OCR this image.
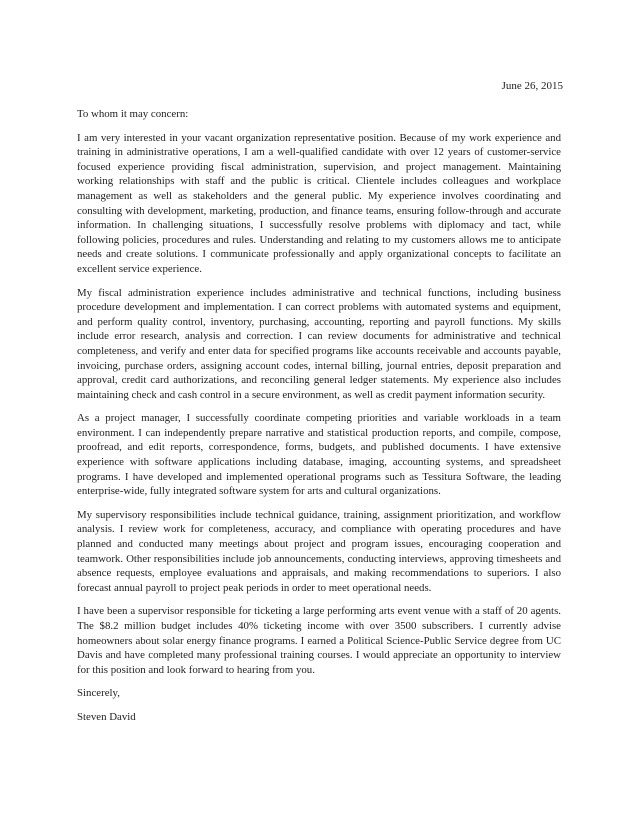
June 26, 2015

To whom it may concern:

I am very interested in your vacant organization representative position. Because of my work experience and training in administrative operations, I am a well-qualified candidate with over 12 years of customer-service focused experience providing fiscal administration, supervision, and project management. Maintaining working relationships with staff and the public is critical. Clientele includes colleagues and workplace management as well as stakeholders and the general public. My experience involves coordinating and consulting with development, marketing, production, and finance teams, ensuring follow-through and accurate information. In challenging situations, I successfully resolve problems with diplomacy and tact, while following policies, procedures and rules. Understanding and relating to my customers allows me to anticipate needs and create solutions. I communicate professionally and apply organizational concepts to facilitate an excellent service experience.

My fiscal administration experience includes administrative and technical functions, including business procedure development and implementation. I can correct problems with automated systems and equipment, and perform quality control, inventory, purchasing, accounting, reporting and payroll functions. My skills include error research, analysis and correction. I can review documents for administrative and technical completeness, and verify and enter data for specified programs like accounts receivable and accounts payable, invoicing, purchase orders, assigning account codes, internal billing, journal entries, deposit preparation and approval, credit card authorizations, and reconciling general ledger statements. My experience also includes maintaining check and cash control in a secure environment, as well as credit payment information security.

As a project manager, I successfully coordinate competing priorities and variable workloads in a team environment. I can independently prepare narrative and statistical production reports, and compile, compose, proofread, and edit reports, correspondence, forms, budgets, and published documents. I have extensive experience with software applications including database, imaging, accounting systems, and spreadsheet programs. I have developed and implemented operational programs such as Tessitura Software, the leading enterprise-wide, fully integrated software system for arts and cultural organizations.

My supervisory responsibilities include technical guidance, training, assignment prioritization, and workflow analysis. I review work for completeness, accuracy, and compliance with operating procedures and have planned and conducted many meetings about project and program issues, encouraging cooperation and teamwork. Other responsibilities include job announcements, conducting interviews, approving timesheets and absence requests, employee evaluations and appraisals, and making recommendations to superiors. I also forecast annual payroll to project peak periods in order to meet operational needs.

I have been a supervisor responsible for ticketing a large performing arts event venue with a staff of 20 agents. The $8.2 million budget includes 40% ticketing income with over 3500 subscribers. I currently advise homeowners about solar energy finance programs. I earned a Political Science-Public Service degree from UC Davis and have completed many professional training courses. I would appreciate an opportunity to interview for this position and look forward to hearing from you.

Sincerely,

Steven David
